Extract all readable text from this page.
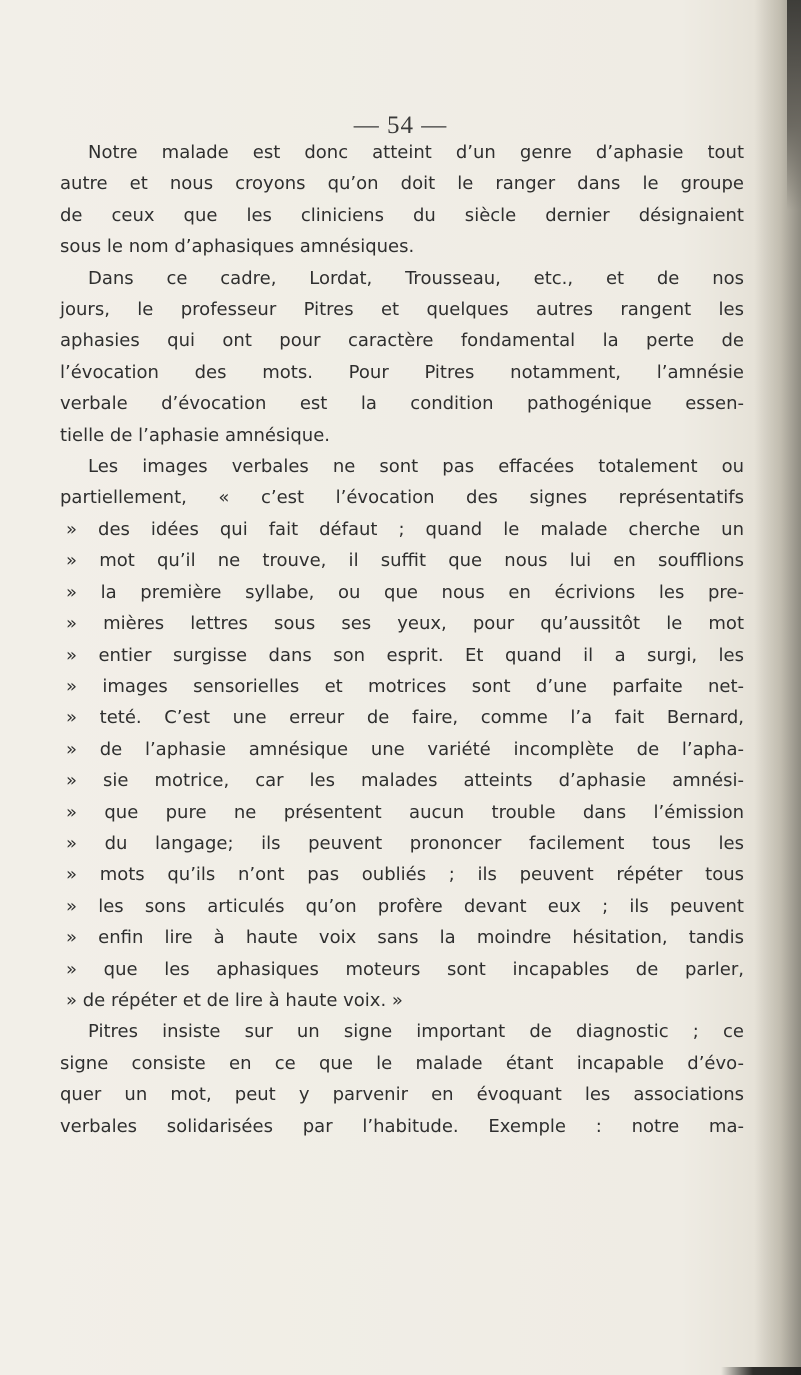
— 54 —
Notre malade est donc atteint d’un genre d’aphasie tout
autre et nous croyons qu’on doit le ranger dans le groupe
de ceux que les cliniciens du siècle dernier désignaient
sous le nom d’aphasiques amnésiques.
Dans ce cadre, Lordat, Trousseau, etc., et de nos
jours, le professeur Pitres et quelques autres rangent les
aphasies qui ont pour caractère fondamental la perte de
l’évocation des mots. Pour Pitres notamment, l’amnésie
verbale d’évocation est la condition pathogénique essen-
tielle de l’aphasie amnésique.
Les images verbales ne sont pas effacées totalement ou
partiellement, « c’est l’évocation des signes représentatifs
» des idées qui fait défaut ; quand le malade cherche un
» mot qu’il ne trouve, il suffit que nous lui en soufflions
» la première syllabe, ou que nous en écrivions les pre-
» mières lettres sous ses yeux, pour qu’aussitôt le mot
» entier surgisse dans son esprit. Et quand il a surgi, les
» images sensorielles et motrices sont d’une parfaite net-
» teté. C’est une erreur de faire, comme l’a fait Bernard,
» de l’aphasie amnésique une variété incomplète de l’apha-
» sie motrice, car les malades atteints d’aphasie amnési-
» que pure ne présentent aucun trouble dans l’émission
» du langage; ils peuvent prononcer facilement tous les
» mots qu’ils n’ont pas oubliés ; ils peuvent répéter tous
» les sons articulés qu’on profère devant eux ; ils peuvent
» enfin lire à haute voix sans la moindre hésitation, tandis
» que les aphasiques moteurs sont incapables de parler,
» de répéter et de lire à haute voix. »
Pitres insiste sur un signe important de diagnostic ; ce
signe consiste en ce que le malade étant incapable d’évo-
quer un mot, peut y parvenir en évoquant les associations
verbales solidarisées par l’habitude. Exemple : notre ma-
